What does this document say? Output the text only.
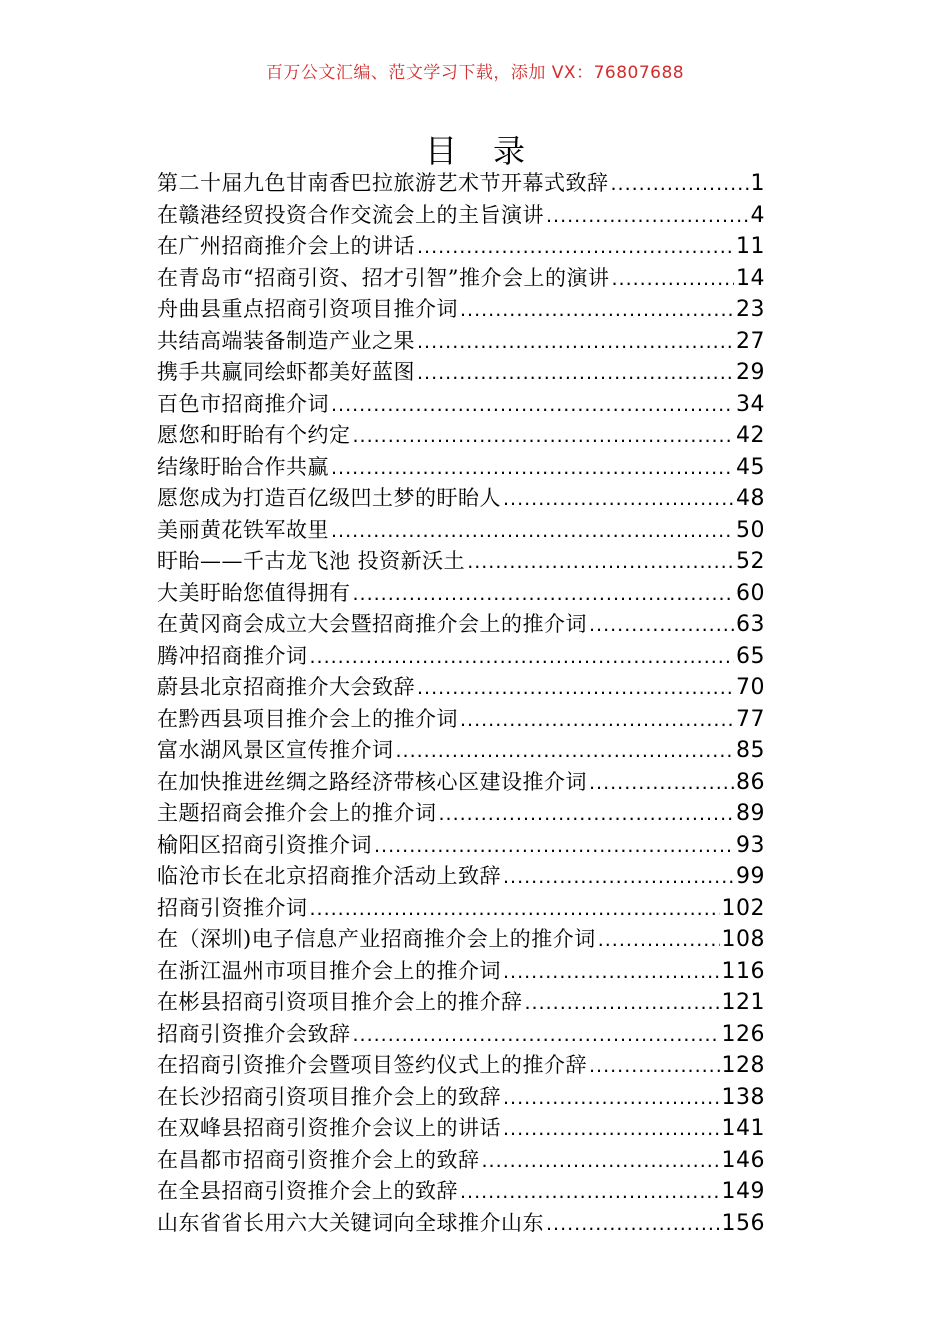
百万公文汇编、范文学习下载，添加 VX：76807688
目录
第二十届九色甘南香巴拉旅游艺术节开幕式致辞 .....	1
在赣港经贸投资合作交流会上的主旨演讲 .....	4
在广州招商推介会上的讲话 .....	11
在青岛市“招商引资、招才引智”推介会上的演讲 .....	14
舟曲县重点招商引资项目推介词 .....	23
共结高端装备制造产业之果 .....	27
携手共赢同绘虾都美好蓝图 .....	29
百色市招商推介词 .....	34
愿您和盱眙有个约定 .....	42
结缘盱眙合作共赢 .....	45
愿您成为打造百亿级凹土梦的盱眙人 .....	48
美丽黄花铁军故里 .....	50
盱眙——千古龙飞池 投资新沃土 .....	52
大美盱眙您值得拥有 .....	60
在黄冈商会成立大会暨招商推介会上的推介词 .....	63
腾冲招商推介词 .....	65
蔚县北京招商推介大会致辞 .....	70
在黔西县项目推介会上的推介词 .....	77
富水湖风景区宣传推介词 .....	85
在加快推进丝绸之路经济带核心区建设推介词 .....	86
主题招商会推介会上的推介词 .....	89
榆阳区招商引资推介词 .....	93
临沧市长在北京招商推介活动上致辞 .....	99
招商引资推介词 .....	102
在（深圳)电子信息产业招商推介会上的推介词 .....	108
在浙江温州市项目推介会上的推介词 .....	116
在彬县招商引资项目推介会上的推介辞 .....	121
招商引资推介会致辞 .....	126
在招商引资推介会暨项目签约仪式上的推介辞 .....	128
在长沙招商引资项目推介会上的致辞 .....	138
在双峰县招商引资推介会议上的讲话 .....	141
在昌都市招商引资推介会上的致辞 .....	146
在全县招商引资推介会上的致辞 .....	149
山东省省长用六大关键词向全球推介山东 .....	156
